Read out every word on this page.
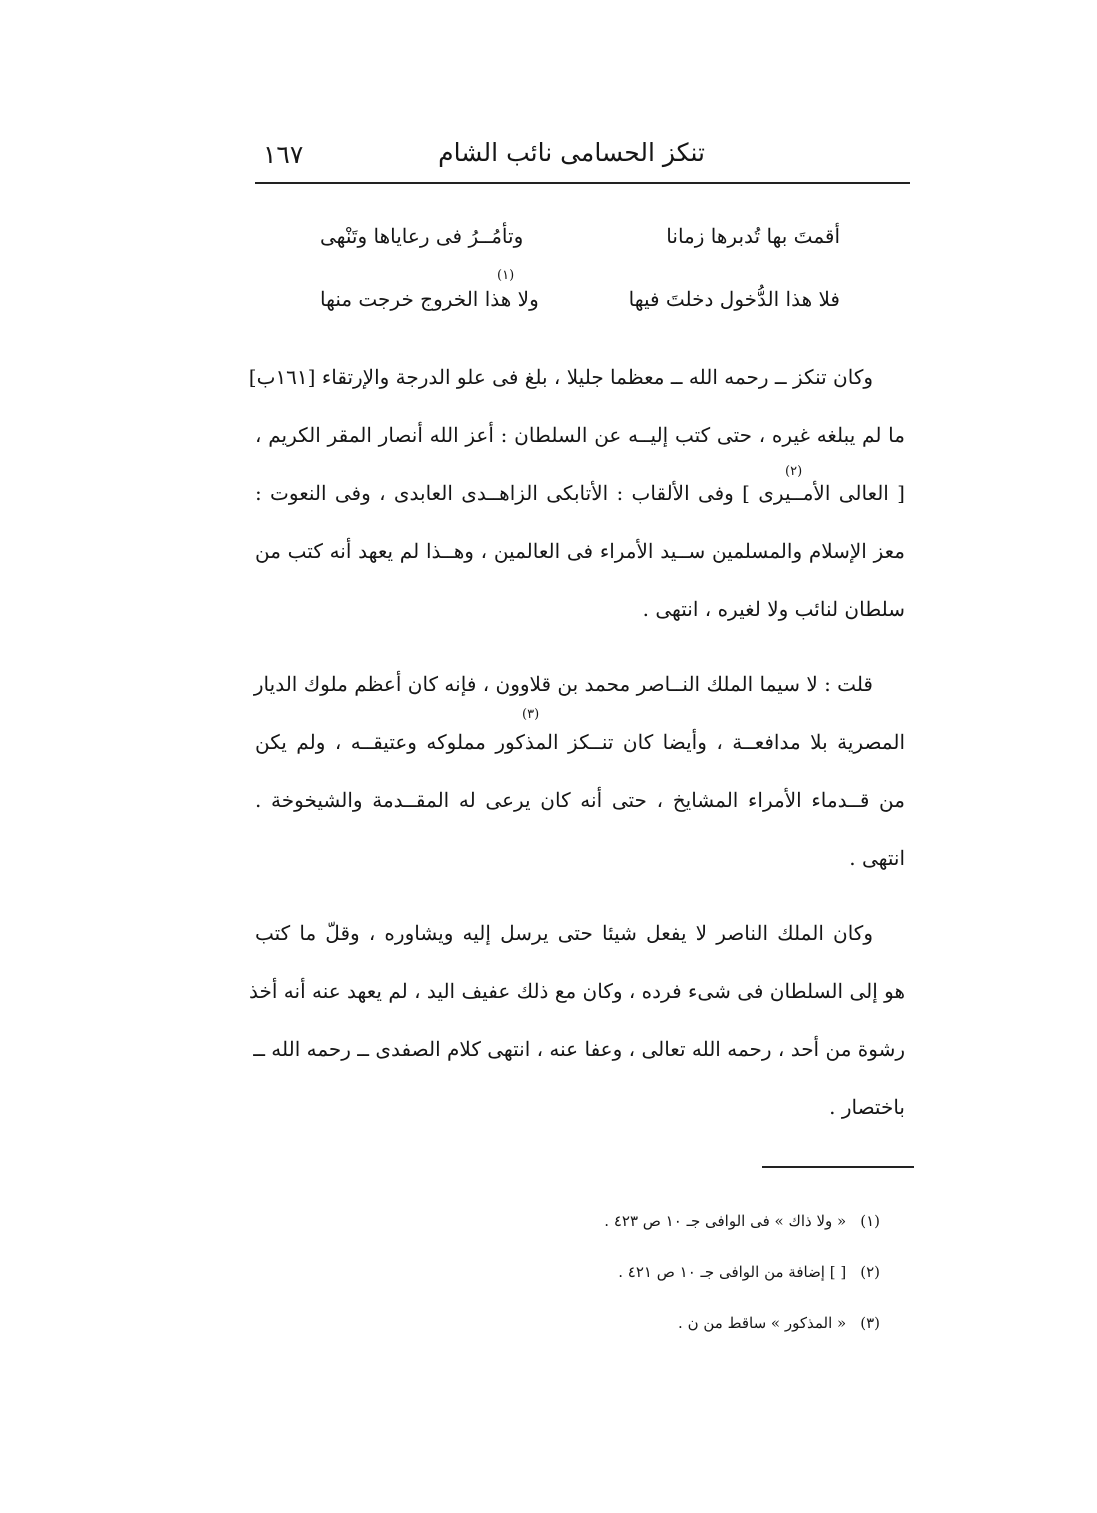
تنكز الحسامى نائب الشام
١٦٧
أقمتَ بها تُدبرها زمانا
وتأمُــرُ فى رعاياها وتَنْهى
(١)
فلا هذا الدُّخول دخلتَ فيها
ولا هذا الخروج خرجت منها
وكان تنكز ــ رحمه الله ــ معظما جليلا ، بلغ فى علو الدرجة والإرتقاء [١٦١ب]
ما لم يبلغه غيره ، حتى كتب إليــه عن السلطان : أعز الله أنصار المقر الكريم ،
[ العالى الأمــيرى ] وفى الألقاب : الأتابكى الزاهــدى العابدى ، وفى النعوت :
معز الإسلام والمسلمين ســيد الأمراء فى العالمين ، وهــذا لم يعهد أنه كتب من
سلطان لنائب ولا لغيره ، انتهى .
(٢)
قلت : لا سيما الملك النــاصر محمد بن قلاوون ، فإنه كان أعظم ملوك الديار
المصرية بلا مدافعــة ، وأيضا كان تنــكز المذكور مملوكه وعتيقــه ، ولم يكن
من قــدماء الأمراء المشايخ ، حتى أنه كان يرعى له المقــدمة والشيخوخة .
انتهى .
(٣)
وكان الملك الناصر لا يفعل شيئا حتى يرسل إليه ويشاوره ، وقلّ ما كتب
هو إلى السلطان فى شىء فرده ، وكان مع ذلك عفيف اليد ، لم يعهد عنه أنه أخذ
رشوة من أحد ، رحمه الله تعالى ، وعفا عنه ، انتهى كلام الصفدى ــ رحمه الله ــ
باختصار .
(١)« ولا ذاك » فى الوافى جـ ١٠ ص ٤٢٣ .
(٢)[ ] إضافة من الوافى جـ ١٠ ص ٤٢١ .
(٣)« المذكور » ساقط من ن .
